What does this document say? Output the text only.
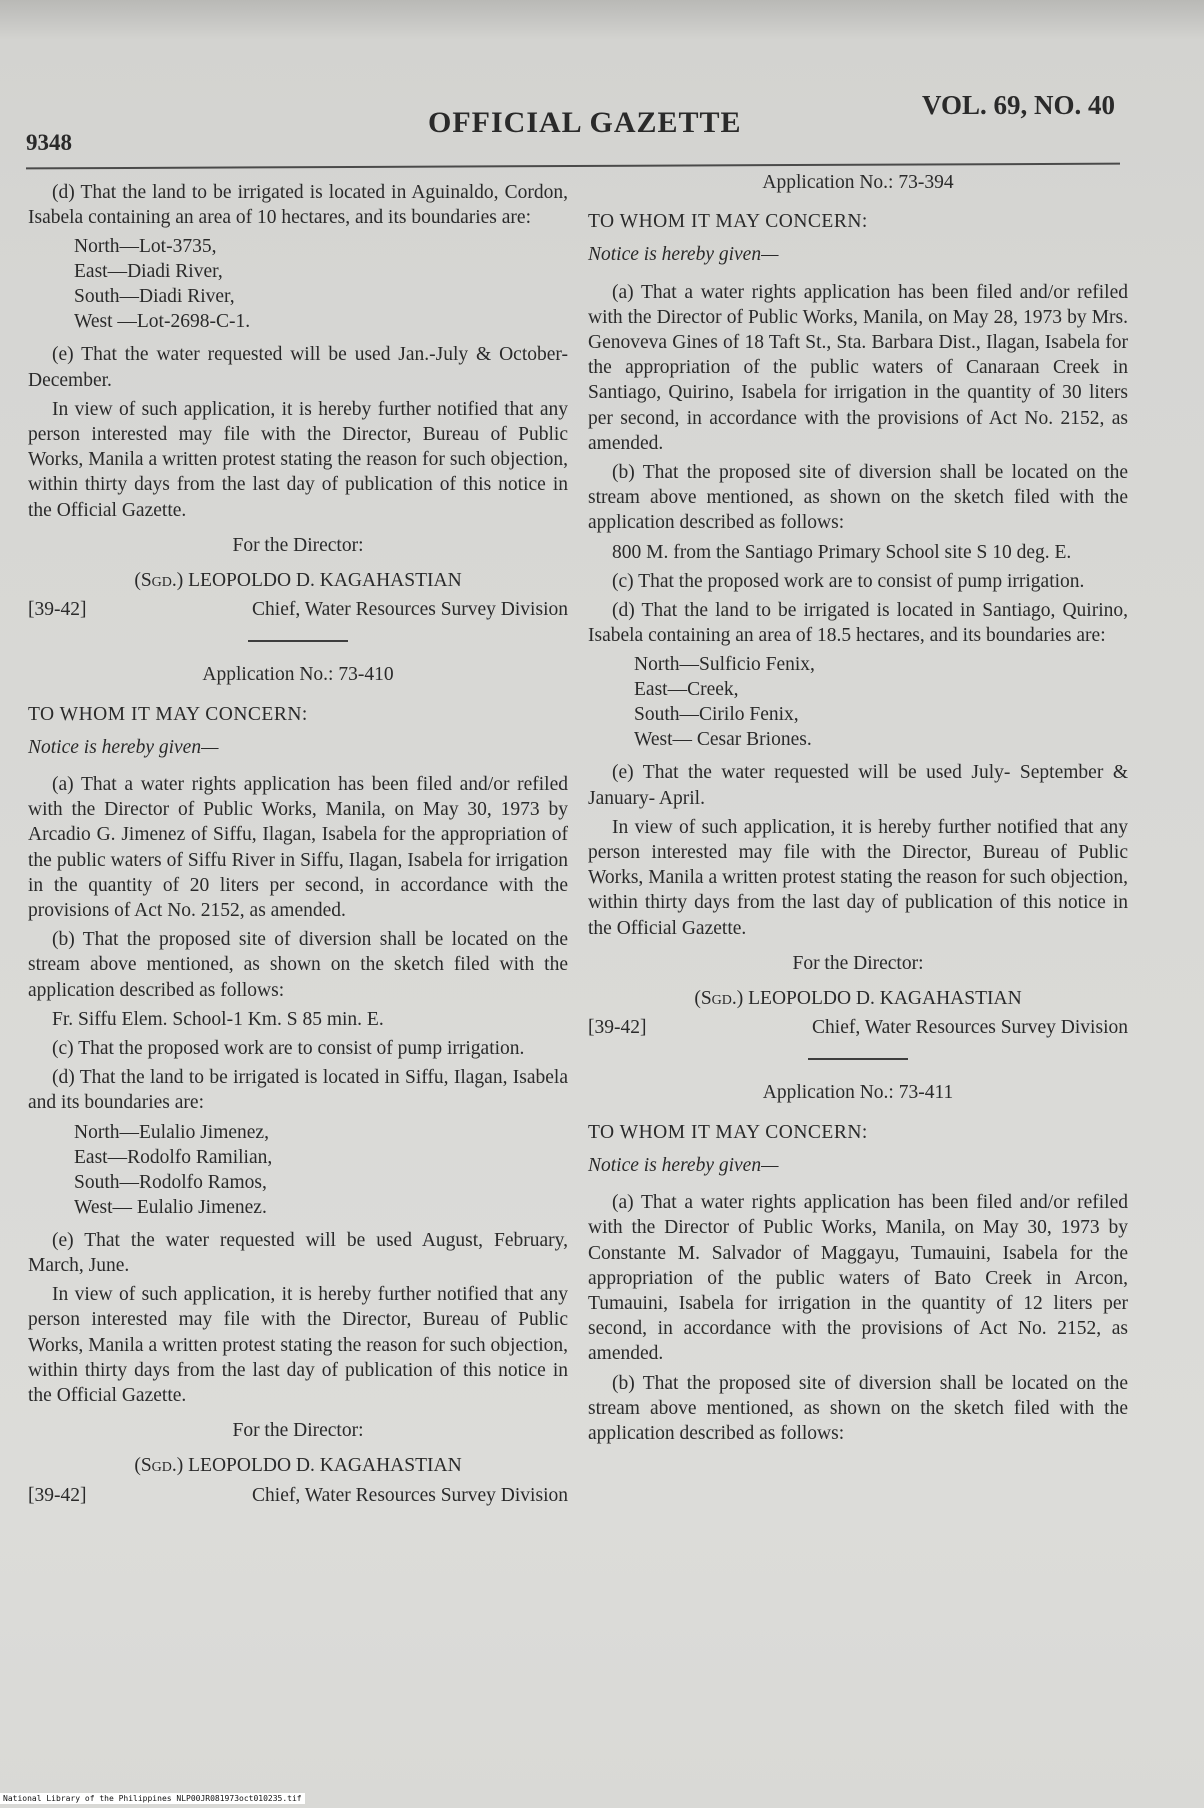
9348
OFFICIAL GAZETTE
VOL. 69, NO. 40

(d) That the land to be irrigated is located in Aguinaldo, Cordon, Isabela containing an area of 10 hectares, and its boundaries are:

North—Lot-3735,
East—Diadi River,
South—Diadi River,
West —Lot-2698-C-1.

(e) That the water requested will be used Jan.-July & October-December.

In view of such application, it is hereby further notified that any person interested may file with the Director, Bureau of Public Works, Manila a written protest stating the reason for such objection, within thirty days from the last day of publication of this notice in the Official Gazette.

For the Director:
(Sgd.) LEOPOLDO D. KAGAHASTIAN
[39-42]	Chief, Water Resources Survey Division
Application No.: 73-410
TO WHOM IT MAY CONCERN:
Notice is hereby given—

(a) That a water rights application has been filed and/or refiled with the Director of Public Works, Manila, on May 30, 1973 by Arcadio G. Jimenez of Siffu, Ilagan, Isabela for the appropriation of the public waters of Siffu River in Siffu, Ilagan, Isabela for irrigation in the quantity of 20 liters per second, in accordance with the provisions of Act No. 2152, as amended.

(b) That the proposed site of diversion shall be located on the stream above mentioned, as shown on the sketch filed with the application described as follows:

Fr. Siffu Elem. School-1 Km. S 85 min. E.

(c) That the proposed work are to consist of pump irrigation.

(d) That the land to be irrigated is located in Siffu, Ilagan, Isabela and its boundaries are:

North—Eulalio Jimenez,
East—Rodolfo Ramilian,
South—Rodolfo Ramos,
West— Eulalio Jimenez.

(e) That the water requested will be used August, February, March, June.

In view of such application, it is hereby further notified that any person interested may file with the Director, Bureau of Public Works, Manila a written protest stating the reason for such objection, within thirty days from the last day of publication of this notice in the Official Gazette.

For the Director:
(Sgd.) LEOPOLDO D. KAGAHASTIAN
[39-42]	Chief, Water Resources Survey Division
Application No.: 73-394
TO WHOM IT MAY CONCERN:
Notice is hereby given—

(a) That a water rights application has been filed and/or refiled with the Director of Public Works, Manila, on May 28, 1973 by Mrs. Genoveva Gines of 18 Taft St., Sta. Barbara Dist., Ilagan, Isabela for the appropriation of the public waters of Canaraan Creek in Santiago, Quirino, Isabela for irrigation in the quantity of 30 liters per second, in accordance with the provisions of Act No. 2152, as amended.

(b) That the proposed site of diversion shall be located on the stream above mentioned, as shown on the sketch filed with the application described as follows:

800 M. from the Santiago Primary School site S 10 deg. E.

(c) That the proposed work are to consist of pump irrigation.

(d) That the land to be irrigated is located in Santiago, Quirino, Isabela containing an area of 18.5 hectares, and its boundaries are:

North—Sulficio Fenix,
East—Creek,
South—Cirilo Fenix,
West— Cesar Briones.

(e) That the water requested will be used July- September & January- April.

In view of such application, it is hereby further notified that any person interested may file with the Director, Bureau of Public Works, Manila a written protest stating the reason for such objection, within thirty days from the last day of publication of this notice in the Official Gazette.

For the Director:
(Sgd.) LEOPOLDO D. KAGAHASTIAN
[39-42]	Chief, Water Resources Survey Division
Application No.: 73-411
TO WHOM IT MAY CONCERN:
Notice is hereby given—

(a) That a water rights application has been filed and/or refiled with the Director of Public Works, Manila, on May 30, 1973 by Constante M. Salvador of Maggayu, Tumauini, Isabela for the appropriation of the public waters of Bato Creek in Arcon, Tumauini, Isabela for irrigation in the quantity of 12 liters per second, in accordance with the provisions of Act No. 2152, as amended.

(b) That the proposed site of diversion shall be located on the stream above mentioned, as shown on the sketch filed with the application described as follows:

National Library of the Philippines NLP00JR081973oct010235.tif
